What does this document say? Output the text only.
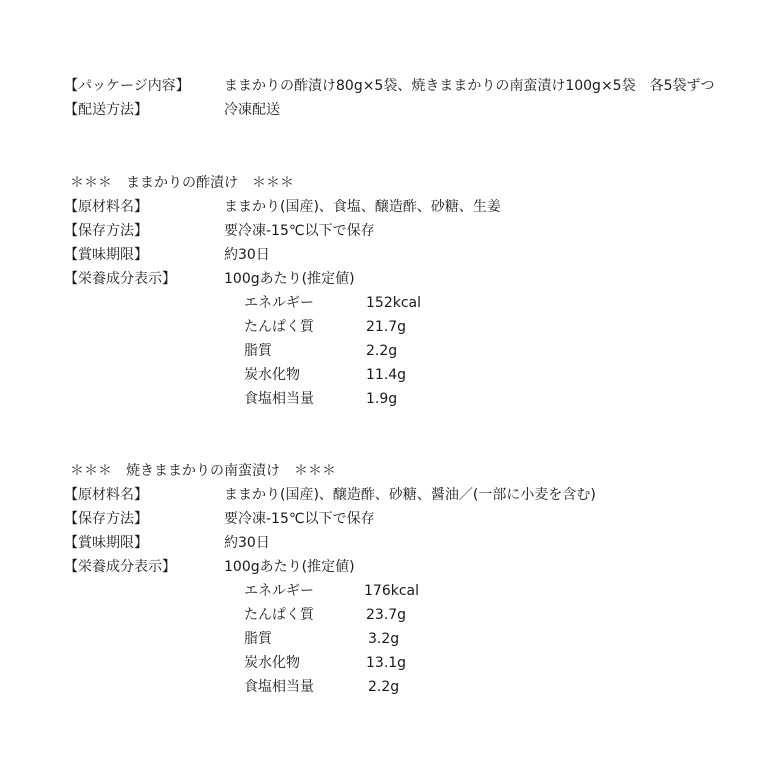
【パッケージ内容】 ままかりの酢漬け80g×5袋、焼きままかりの南蛮漬け100g×5袋　各5袋ずつ
【配送方法】	冷凍配送
＊＊＊　ままかりの酢漬け　＊＊＊
【原材料名】	ままかり(国産)、食塩、醸造酢、砂糖、生姜
【保存方法】	要冷凍-15℃以下で保存
【賞味期限】	約30日
【栄養成分表示】	100gあたり(推定値)
エネルギー	152kcal
たんぱく質	21.7g
脂質	2.2g
炭水化物	11.4g
食塩相当量	1.9g
＊＊＊　焼きままかりの南蛮漬け　＊＊＊
【原材料名】	ままかり(国産)、醸造酢、砂糖、醤油／(一部に小麦を含む)
【保存方法】	要冷凍-15℃以下で保存
【賞味期限】	約30日
【栄養成分表示】	100gあたり(推定値)
エネルギー	176kcal
たんぱく質	23.7g
脂質	3.2g
炭水化物	13.1g
食塩相当量	2.2g
